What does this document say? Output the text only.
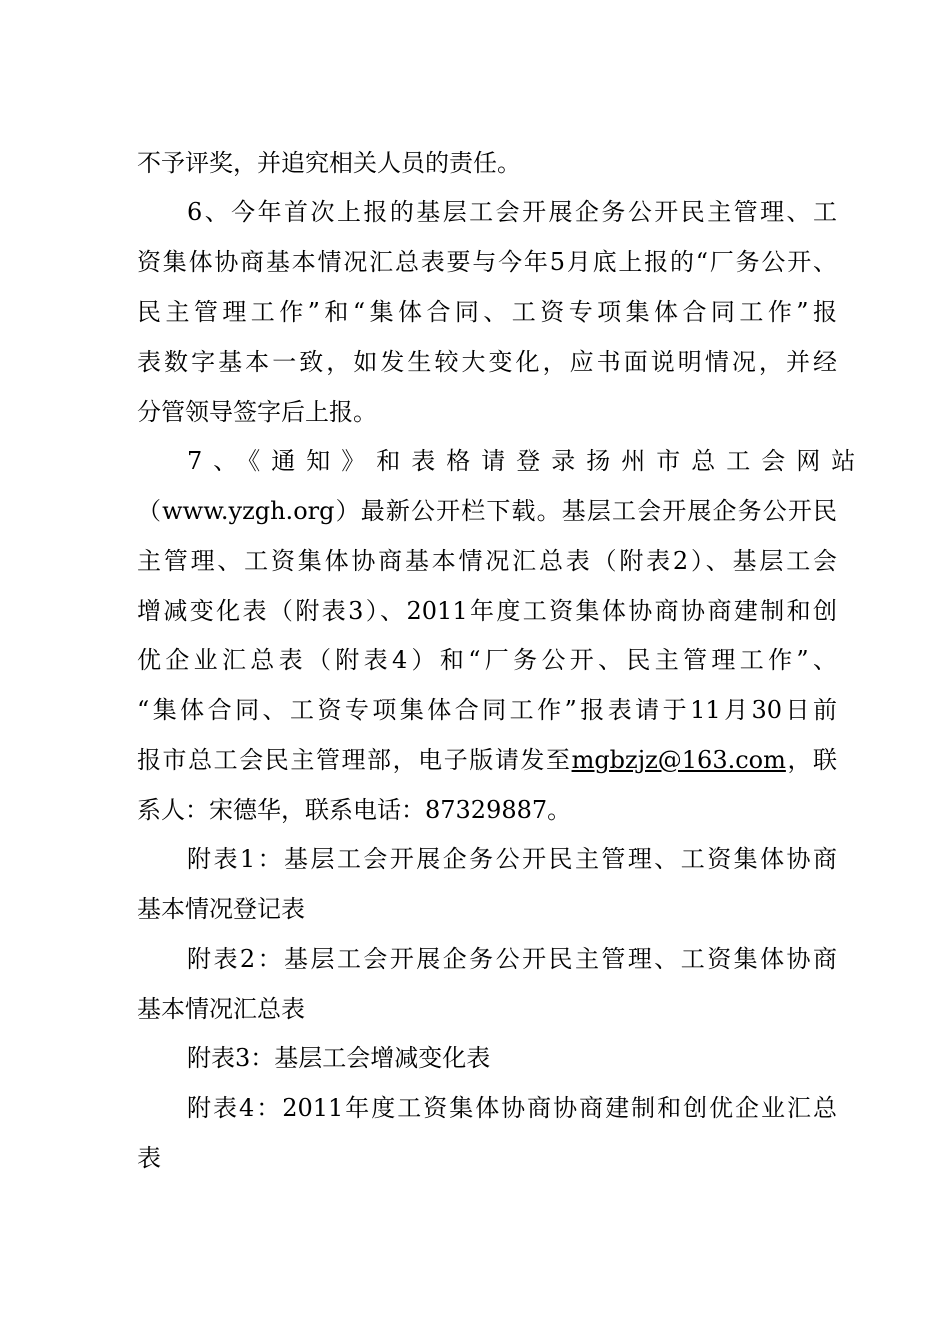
不予评奖，并追究相关人员的责任。
6、今年首次上报的基层工会开展企务公开民主管理、工
资集体协商基本情况汇总表要与今年5月底上报的“厂务公开、
民主管理工作”和“集体合同、工资专项集体合同工作”报
表数字基本一致，如发生较大变化，应书面说明情况，并经
分管领导签字后上报。
7、《通知》和表格请登录扬州市总工会网站
（www.yzgh.org）最新公开栏下载。基层工会开展企务公开民
主管理、工资集体协商基本情况汇总表（附表2）、基层工会
增减变化表（附表3）、2011年度工资集体协商协商建制和创
优企业汇总表（附表4）和“厂务公开、民主管理工作”、
“集体合同、工资专项集体合同工作”报表请于11月30日前
报市总工会民主管理部，电子版请发至mgbzjz@163.com，联
系人：宋德华，联系电话：87329887。
附表1：基层工会开展企务公开民主管理、工资集体协商
基本情况登记表
附表2：基层工会开展企务公开民主管理、工资集体协商
基本情况汇总表
附表3：基层工会增减变化表
附表4：2011年度工资集体协商协商建制和创优企业汇总
表
